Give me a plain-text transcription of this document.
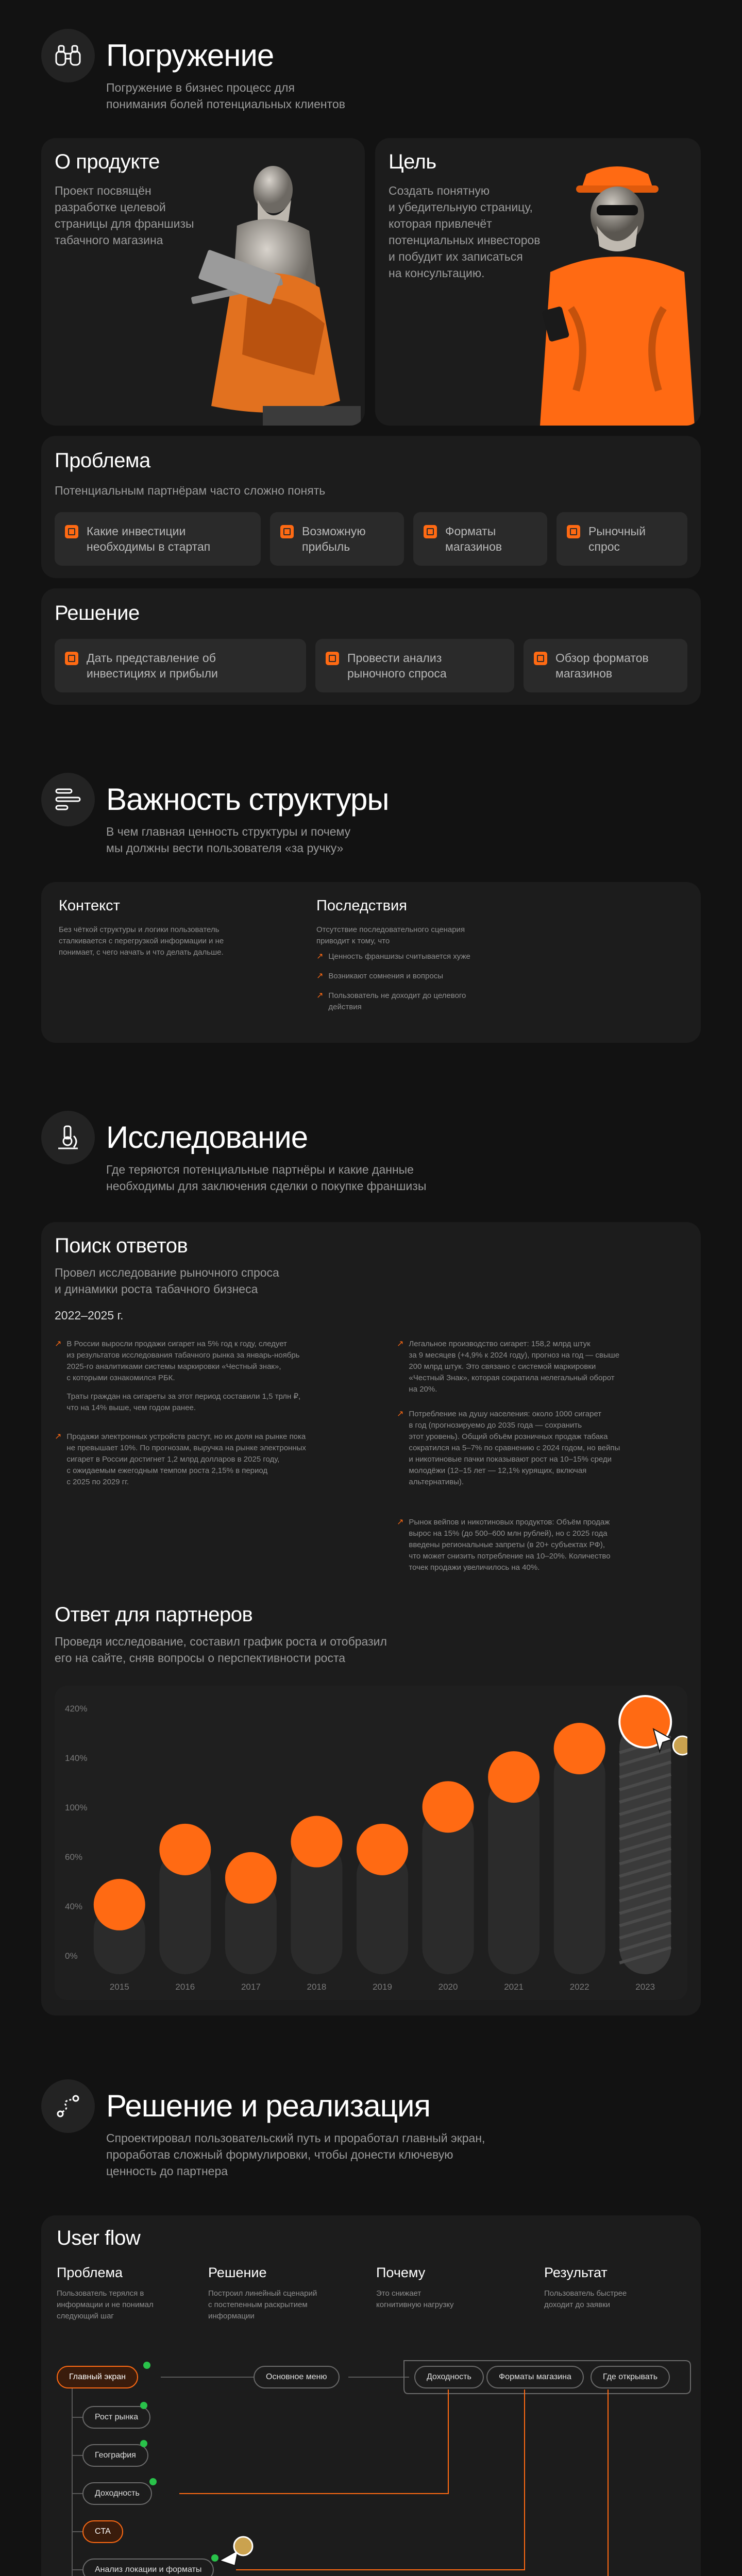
Погружение

Погружение в бизнес процесс для
понимания болей потенциальных клиентов

О продукте
Проект посвящён
разработке целевой
страницы для франшизы
табачного магазина
Цель
Создать понятную
и убедительную страницу,
которая привлечёт
потенциальных инвесторов
и побудит их записаться
на консультацию.
Проблема
Потенциальным партнёрам часто сложно понять
Какие инвестиции
необходимы в стартап
Возможную
прибыль
Форматы
магазинов
Рыночный
спрос
Решение
Дать представление об
инвестициях и прибыли
Провести анализ
рыночного спроса
Обзор форматов
магазинов
Важность структуры

В чем главная ценность структуры и почему
мы должны вести пользователя «за ручку»

Контекст
Без чёткой структуры и логики пользователь
сталкивается с перегрузкой информации и не
понимает, с чего начать и что делать дальше.
Последствия
Отсутствие последовательного сценария
приводит к тому, что
↗ Ценность франшизы считывается хуже
↗ Возникают сомнения и вопросы
↗ Пользователь не доходит до целевого
действия
Исследование

Где теряются потенциальные партнёры и какие данные
необходимы для заключения сделки о покупке франшизы

Поиск ответов
Провел исследование рыночного спроса
и динамики роста табачного бизнеса
2022–2025 г.
↗ В России выросли продажи сигарет на 5% год к году, следует
из результатов исследования табачного рынка за январь-ноябрь
2025-го аналитиками системы маркировки «Честный знак»,
с которыми ознакомился РБК.
Траты граждан на сигареты за этот период составили 1,5 трлн ₽,
что на 14% выше, чем годом ранее.
↗ Продажи электронных устройств растут, но их доля на рынке пока
не превышает 10%. По прогнозам, выручка на рынке электронных
сигарет в России достигнет 1,2 млрд долларов в 2025 году,
с ожидаемым ежегодным темпом роста 2,15% в период
с 2025 по 2029 гг.
↗ Легальное производство сигарет: 158,2 млрд штук
за 9 месяцев (+4,9% к 2024 году), прогноз на год — свыше
200 млрд штук. Это связано с системой маркировки
«Честный Знак», которая сократила нелегальный оборот
на 20%.
↗ Потребление на душу населения: около 1000 сигарет
в год (прогнозируемо до 2035 года — сохранить
этот уровень). Общий объём розничных продаж табака
сократился на 5–7% по сравнению с 2024 годом, но вейпы
и никотиновые пачки показывают рост на 10–15% среди
молодёжи (12–15 лет — 12,1% курящих, включая
альтернативы).
↗ Рынок вейпов и никотиновых продуктов: Объём продаж
вырос на 15% (до 500–600 млн рублей), но с 2025 года
введены региональные запреты (в 20+ субъектах РФ),
что может снизить потребление на 10–20%. Количество
точек продажи увеличилось на 40%.
Ответ для партнеров
Проведя исследование, составил график роста и отобразил
его на сайте, сняв вопросы о перспективности роста
420%
140%
100%
60%
40%
0%
2015	2016	2017	2018	2019	2020	2021	2022	2023
Решение и реализация

Спроектировал пользовательский путь и проработал главный экран,
проработав сложный формулировки, чтобы донести ключевую
ценность до партнера

User flow
Проблема
Пользователь терялся в
информации и не понимал
следующий шаг
Решение
Построил линейный сценарий
с постепенным раскрытием
информации
Почему
Это снижает
когнитивную нагрузку
Результат
Пользователь быстрее
доходит до заявки
Главный экран	Основное меню	Доходность	Форматы магазина	Где открывать
Рост рынка
География
Доходность
CTA
Анализ локации и форматы
